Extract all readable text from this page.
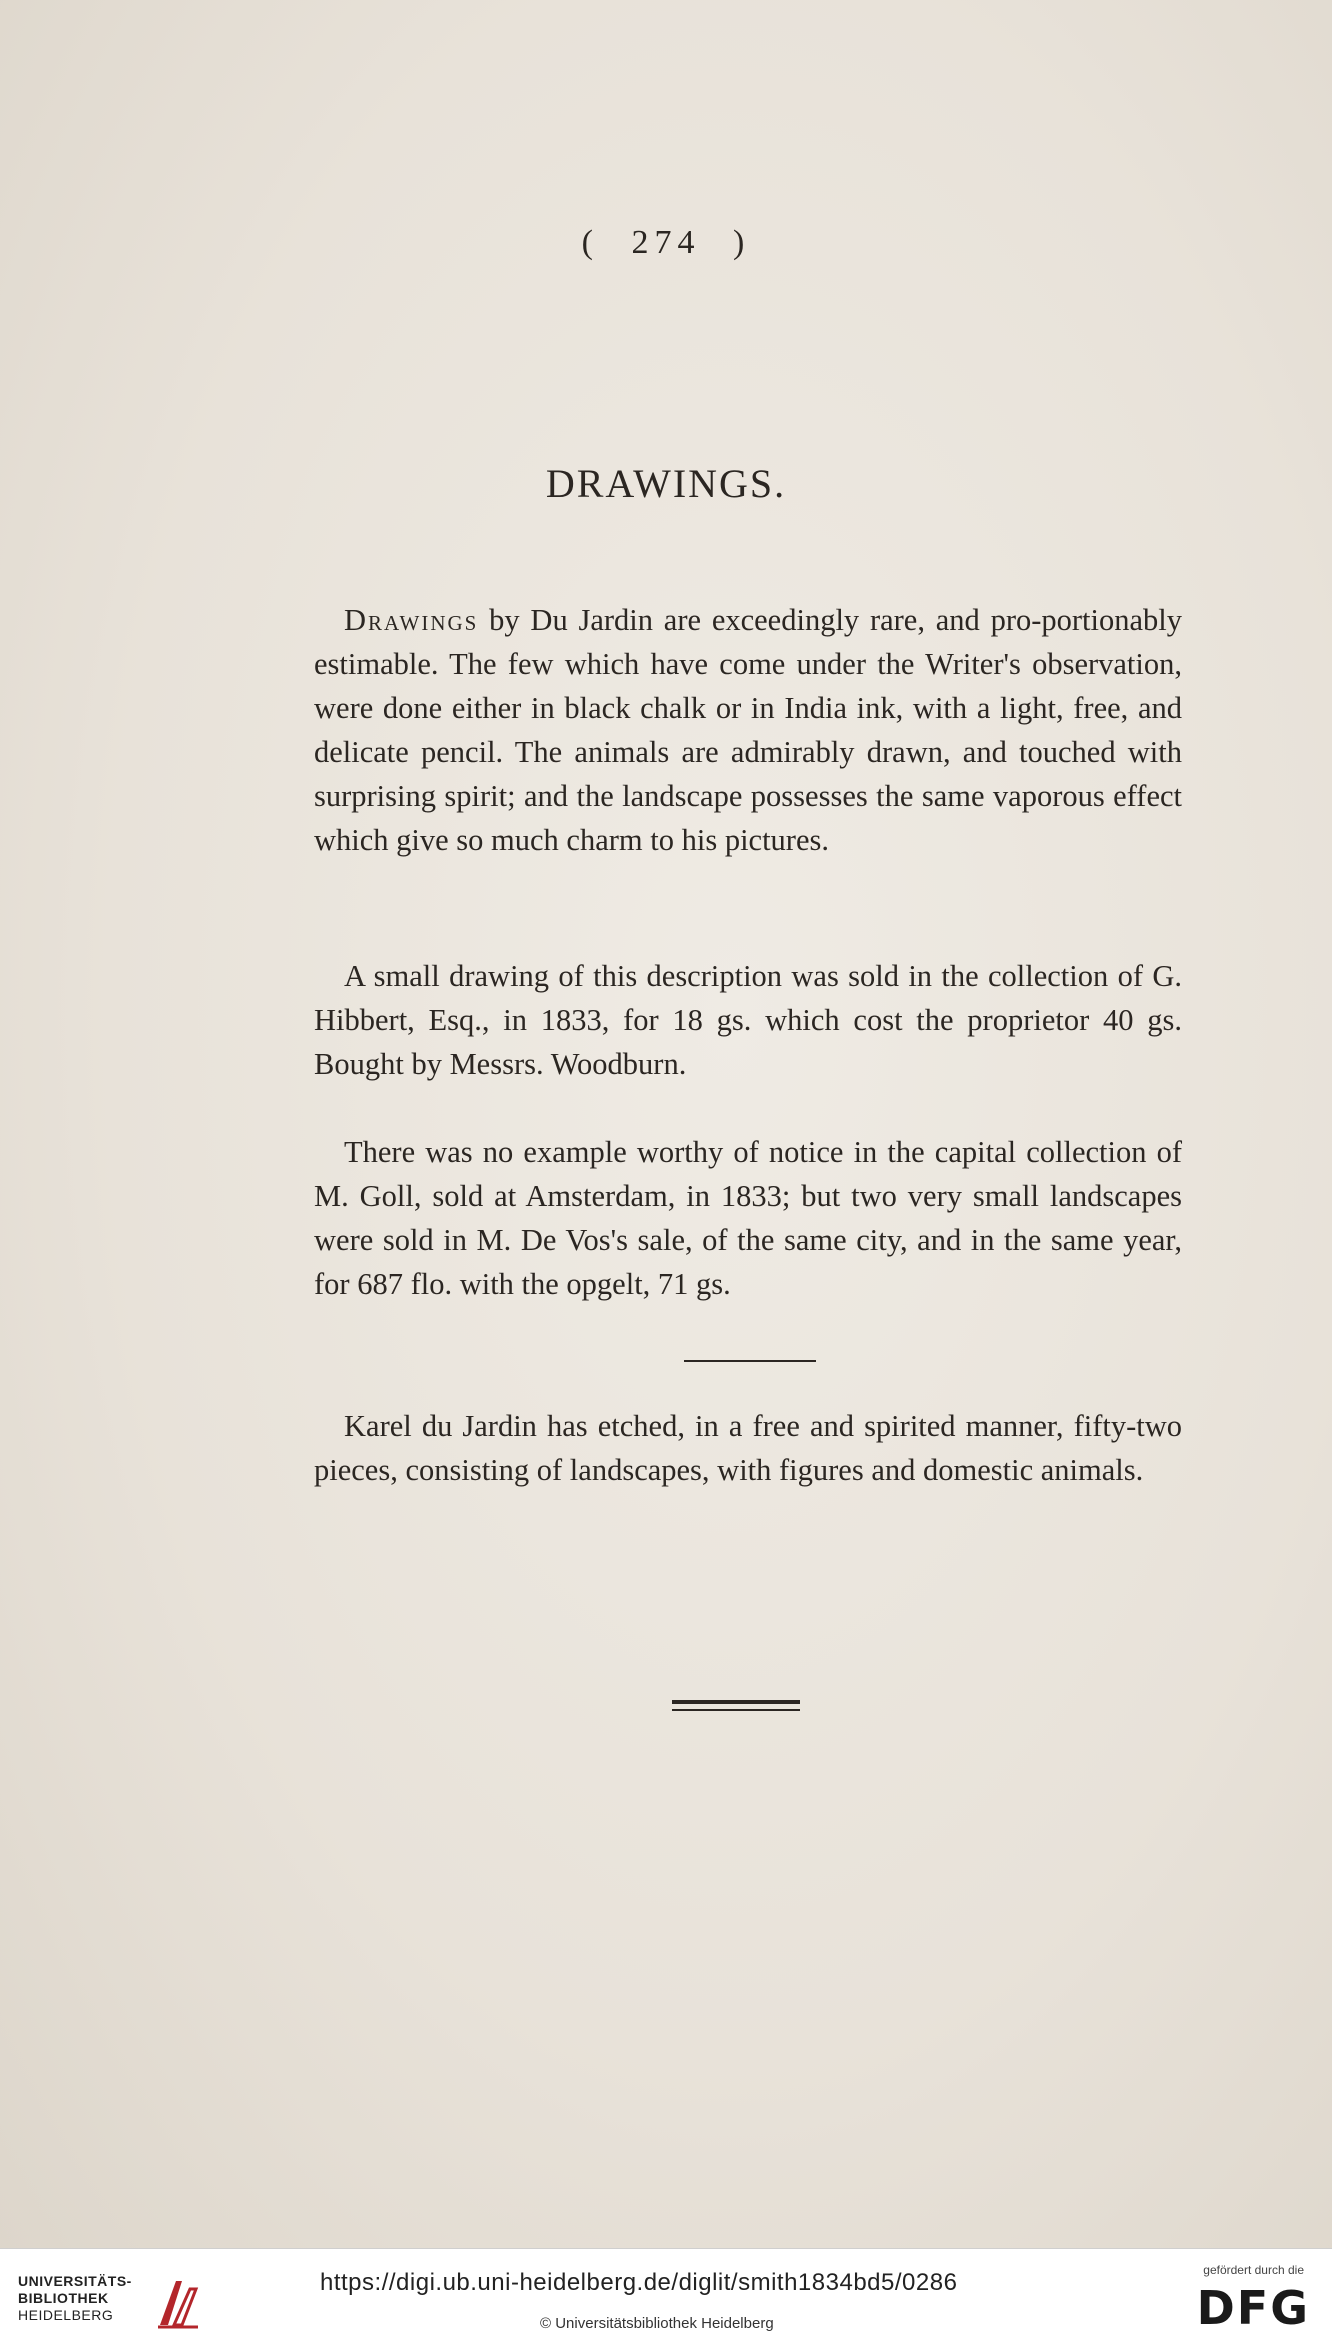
( 274 )
DRAWINGS.
Drawings by Du Jardin are exceedingly rare, and pro-portionably estimable. The few which have come under the Writer's observation, were done either in black chalk or in India ink, with a light, free, and delicate pencil. The animals are admirably drawn, and touched with surprising spirit; and the landscape possesses the same vaporous effect which give so much charm to his pictures.
A small drawing of this description was sold in the collection of G. Hibbert, Esq., in 1833, for 18 gs. which cost the proprietor 40 gs. Bought by Messrs. Woodburn.
There was no example worthy of notice in the capital collection of M. Goll, sold at Amsterdam, in 1833; but two very small landscapes were sold in M. De Vos's sale, of the same city, and in the same year, for 687 flo. with the opgelt, 71 gs.
Karel du Jardin has etched, in a free and spirited manner, fifty-two pieces, consisting of landscapes, with figures and domestic animals.
UNIVERSITÄTS-
BIBLIOTHEK
HEIDELBERG
https://digi.ub.uni-heidelberg.de/diglit/smith1834bd5/0286
© Universitätsbibliothek Heidelberg
gefördert durch die
DFG
